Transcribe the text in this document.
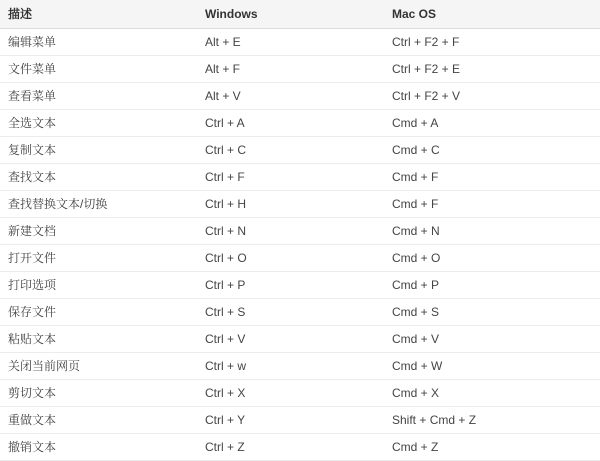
描述	Windows	Mac OS
编辑菜单	Alt + E	Ctrl + F2 + F
文件菜单	Alt + F	Ctrl + F2 + E
查看菜单	Alt + V	Ctrl + F2 + V
全选文本	Ctrl + A	Cmd + A
复制文本	Ctrl + C	Cmd + C
查找文本	Ctrl + F	Cmd + F
查找替换文本/切换	Ctrl + H	Cmd + F
新建文档	Ctrl + N	Cmd + N
打开文件	Ctrl + O	Cmd + O
打印选项	Ctrl + P	Cmd + P
保存文件	Ctrl + S	Cmd + S
粘贴文本	Ctrl + V	Cmd + V
关闭当前网页	Ctrl + w	Cmd + W
剪切文本	Ctrl + X	Cmd + X
重做文本	Ctrl + Y	Shift + Cmd + Z
撤销文本	Ctrl + Z	Cmd + Z
